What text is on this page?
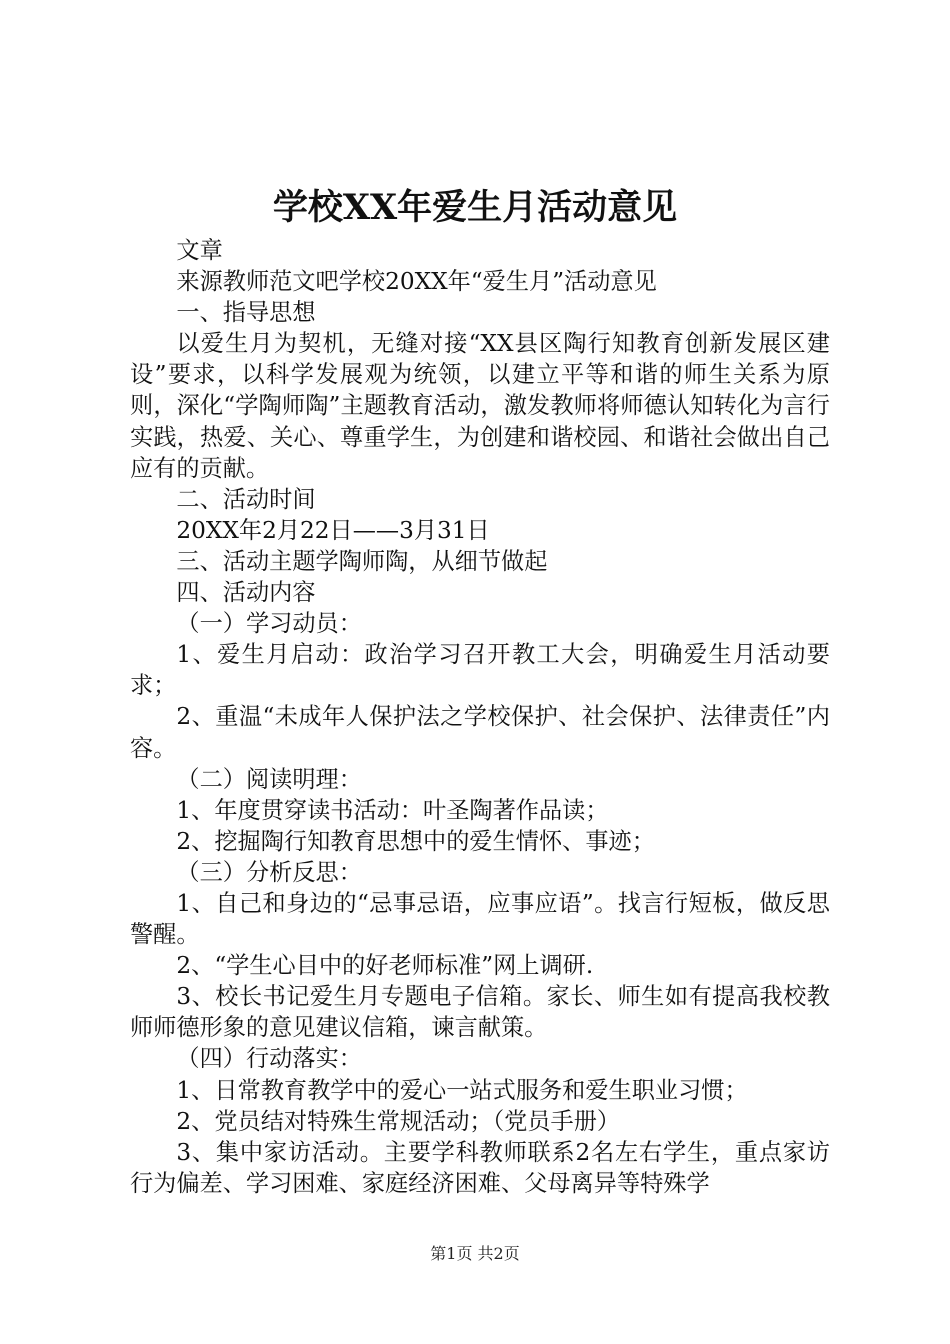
学校XX年爱生月活动意见

文章

来源教师范文吧学校20XX年“爱生月”活动意见

一、指导思想

以爱生月为契机，无缝对接“XX县区陶行知教育创新发展区建设”要求，以科学发展观为统领，以建立平等和谐的师生关系为原则，深化“学陶师陶”主题教育活动，激发教师将师德认知转化为言行实践，热爱、关心、尊重学生，为创建和谐校园、和谐社会做出自己应有的贡献。

二、活动时间

20XX年2月22日——3月31日

三、活动主题学陶师陶，从细节做起

四、活动内容

（一）学习动员：

1、爱生月启动：政治学习召开教工大会，明确爱生月活动要求；

2、重温“未成年人保护法之学校保护、社会保护、法律责任”内容。

（二）阅读明理：

1、年度贯穿读书活动：叶圣陶著作品读；

2、挖掘陶行知教育思想中的爱生情怀、事迹；

（三）分析反思：

1、自己和身边的“忌事忌语，应事应语”。找言行短板，做反思警醒。

2、“学生心目中的好老师标准”网上调研.

3、校长书记爱生月专题电子信箱。家长、师生如有提高我校教师师德形象的意见建议信箱，谏言献策。

（四）行动落实：

1、日常教育教学中的爱心一站式服务和爱生职业习惯；

2、党员结对特殊生常规活动；（党员手册）

3、集中家访活动。主要学科教师联系2名左右学生，重点家访行为偏差、学习困难、家庭经济困难、父母离异等特殊学

第1页 共2页
